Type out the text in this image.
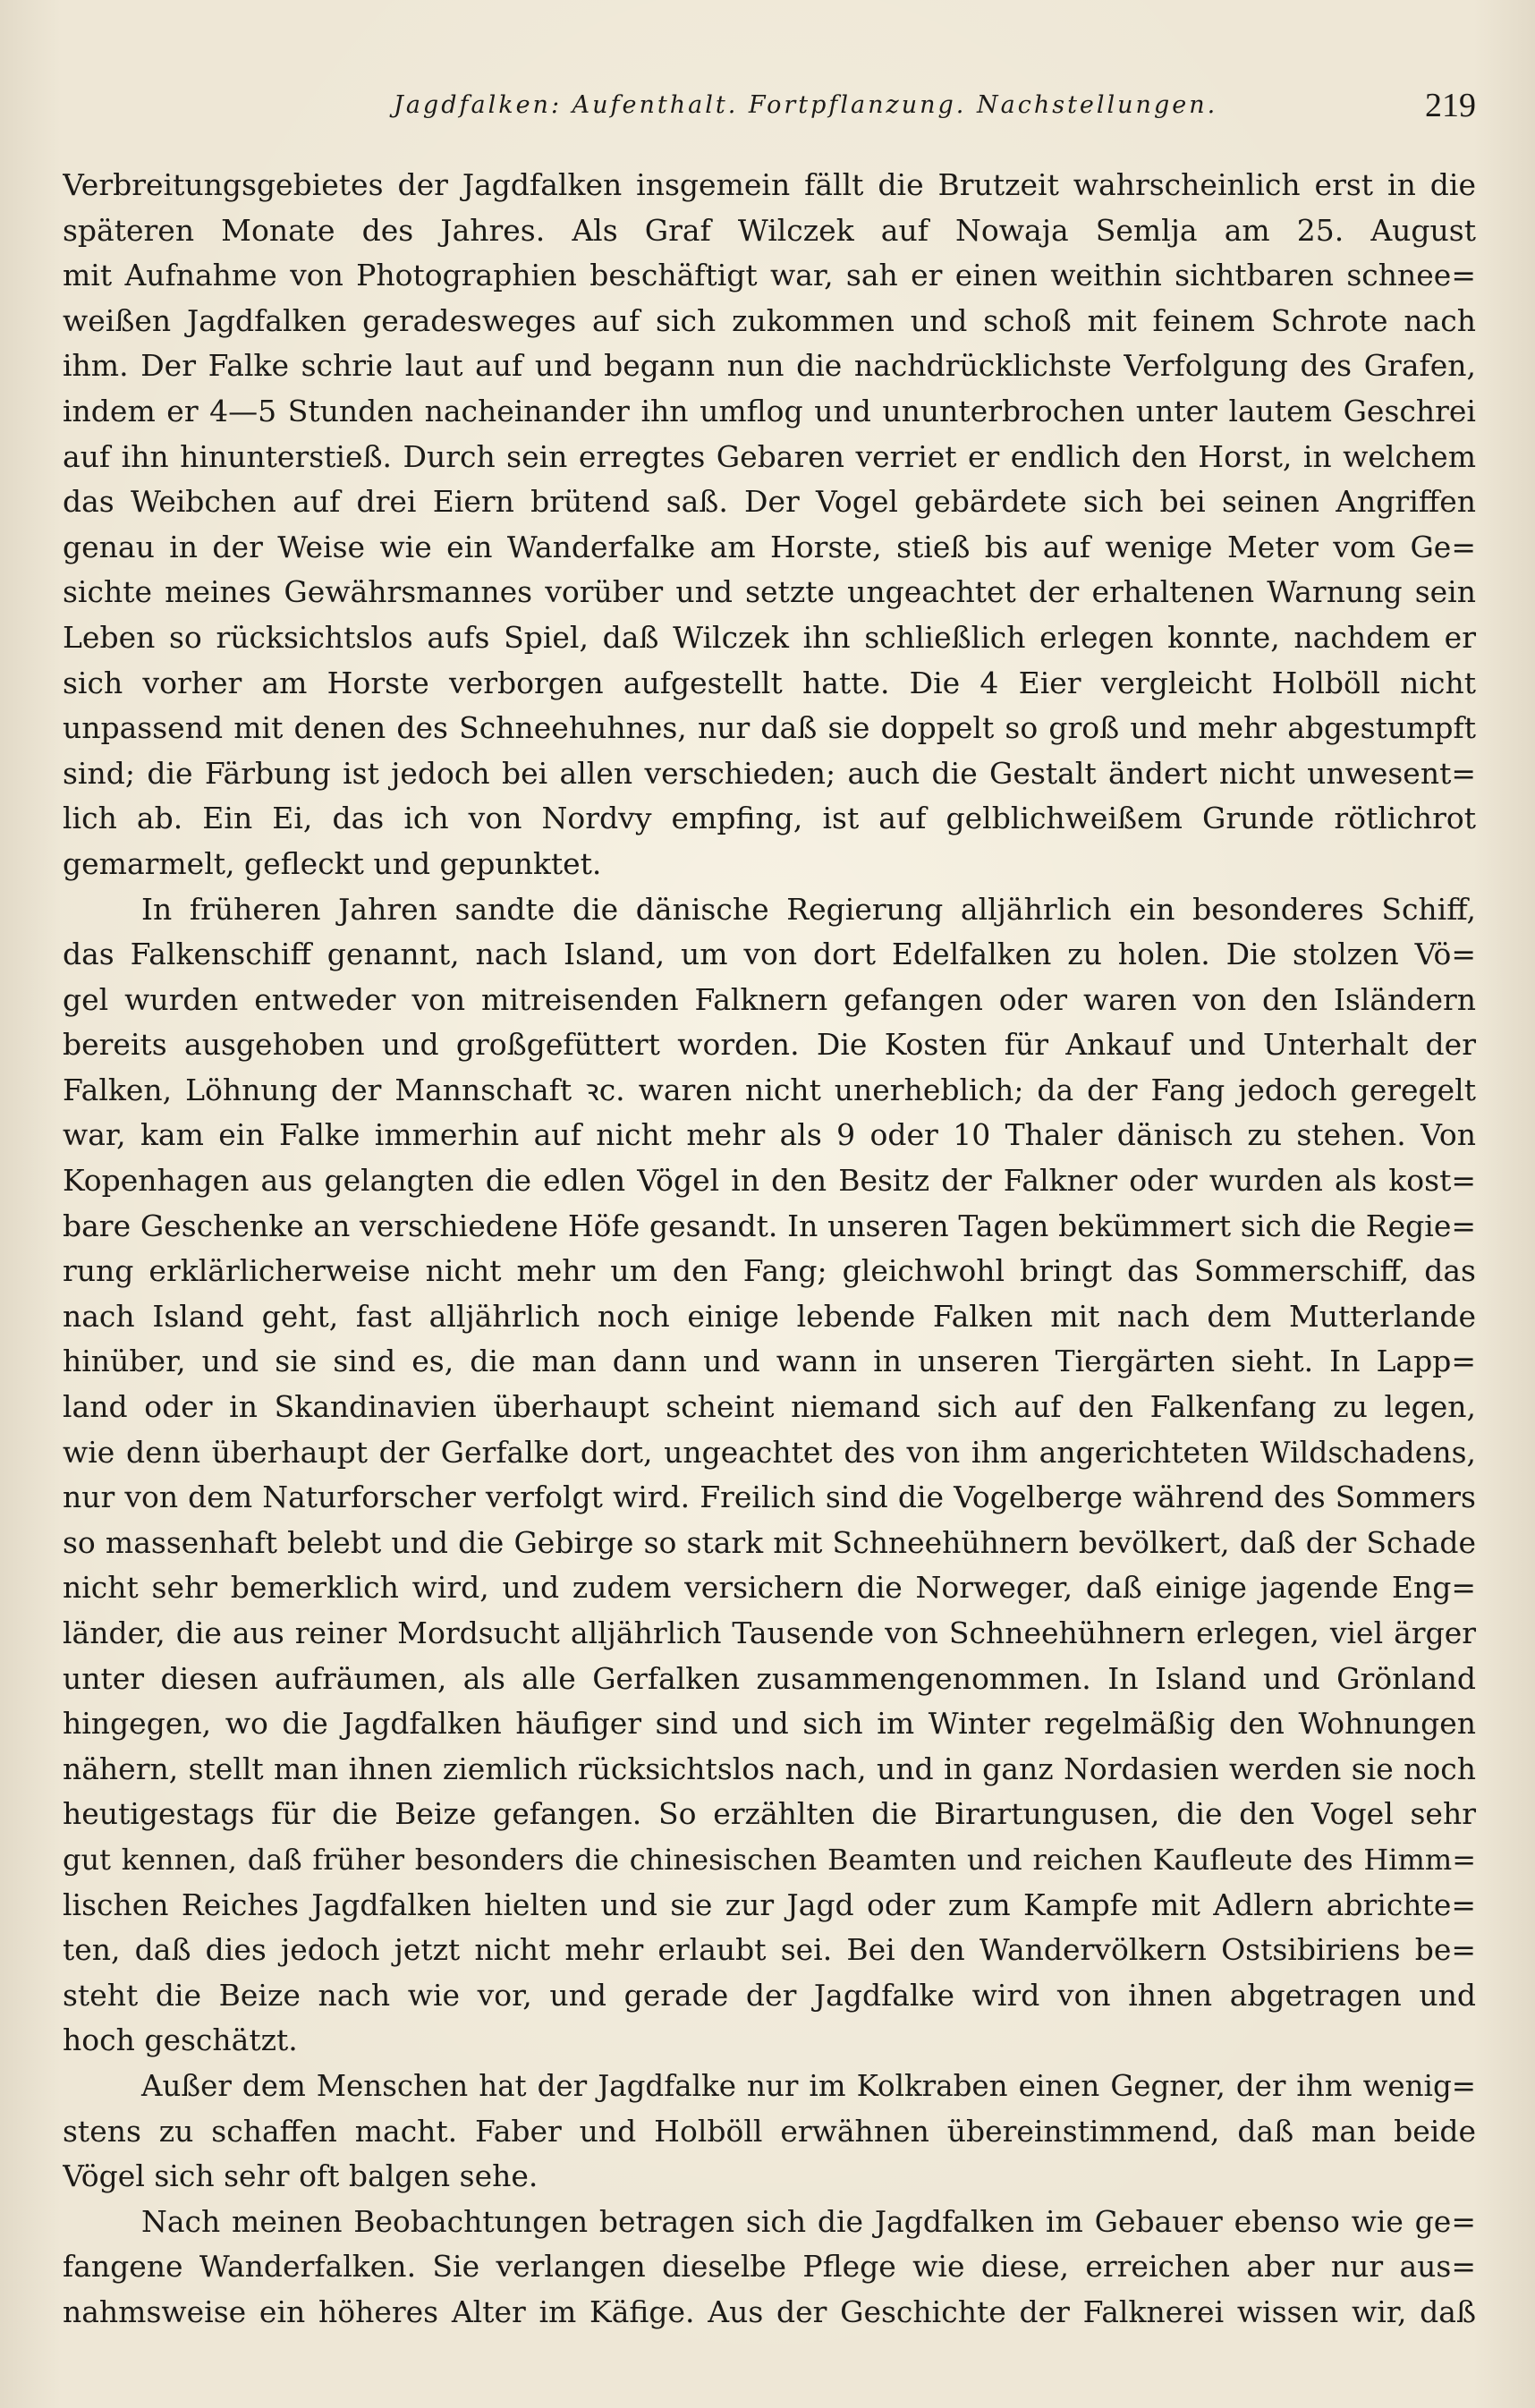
Jagdfalken: Aufenthalt. Fortpflanzung. Nachstellungen.	219
Verbreitungsgebietes der Jagdfalken insgemein fällt die Brutzeit wahrscheinlich erst in die
späteren Monate des Jahres. Als Graf Wilczek auf Nowaja Semlja am 25. August
mit Aufnahme von Photographien beschäftigt war, sah er einen weithin sichtbaren schnee=
weißen Jagdfalken geradesweges auf sich zukommen und schoß mit feinem Schrote nach
ihm. Der Falke schrie laut auf und begann nun die nachdrücklichste Verfolgung des Grafen,
indem er 4—5 Stunden nacheinander ihn umflog und ununterbrochen unter lautem Geschrei
auf ihn hinunterstieß. Durch sein erregtes Gebaren verriet er endlich den Horst, in welchem
das Weibchen auf drei Eiern brütend saß. Der Vogel gebärdete sich bei seinen Angriffen
genau in der Weise wie ein Wanderfalke am Horste, stieß bis auf wenige Meter vom Ge=
sichte meines Gewährsmannes vorüber und setzte ungeachtet der erhaltenen Warnung sein
Leben so rücksichtslos aufs Spiel, daß Wilczek ihn schließlich erlegen konnte, nachdem er
sich vorher am Horste verborgen aufgestellt hatte. Die 4 Eier vergleicht Holböll nicht
unpassend mit denen des Schneehuhnes, nur daß sie doppelt so groß und mehr abgestumpft
sind; die Färbung ist jedoch bei allen verschieden; auch die Gestalt ändert nicht unwesent=
lich ab. Ein Ei, das ich von Nordvy empfing, ist auf gelblichweißem Grunde rötlichrot
gemarmelt, gefleckt und gepunktet.
In früheren Jahren sandte die dänische Regierung alljährlich ein besonderes Schiff,
das Falkenschiff genannt, nach Island, um von dort Edelfalken zu holen. Die stolzen Vö=
gel wurden entweder von mitreisenden Falknern gefangen oder waren von den Isländern
bereits ausgehoben und großgefüttert worden. Die Kosten für Ankauf und Unterhalt der
Falken, Löhnung der Mannschaft ꝛc. waren nicht unerheblich; da der Fang jedoch geregelt
war, kam ein Falke immerhin auf nicht mehr als 9 oder 10 Thaler dänisch zu stehen. Von
Kopenhagen aus gelangten die edlen Vögel in den Besitz der Falkner oder wurden als kost=
bare Geschenke an verschiedene Höfe gesandt. In unseren Tagen bekümmert sich die Regie=
rung erklärlicherweise nicht mehr um den Fang; gleichwohl bringt das Sommerschiff, das
nach Island geht, fast alljährlich noch einige lebende Falken mit nach dem Mutterlande
hinüber, und sie sind es, die man dann und wann in unseren Tiergärten sieht. In Lapp=
land oder in Skandinavien überhaupt scheint niemand sich auf den Falkenfang zu legen,
wie denn überhaupt der Gerfalke dort, ungeachtet des von ihm angerichteten Wildschadens,
nur von dem Naturforscher verfolgt wird. Freilich sind die Vogelberge während des Sommers
so massenhaft belebt und die Gebirge so stark mit Schneehühnern bevölkert, daß der Schade
nicht sehr bemerklich wird, und zudem versichern die Norweger, daß einige jagende Eng=
länder, die aus reiner Mordsucht alljährlich Tausende von Schneehühnern erlegen, viel ärger
unter diesen aufräumen, als alle Gerfalken zusammengenommen. In Island und Grönland
hingegen, wo die Jagdfalken häufiger sind und sich im Winter regelmäßig den Wohnungen
nähern, stellt man ihnen ziemlich rücksichtslos nach, und in ganz Nordasien werden sie noch
heutigestags für die Beize gefangen. So erzählten die Birartungusen, die den Vogel sehr
gut kennen, daß früher besonders die chinesischen Beamten und reichen Kaufleute des Himm=
lischen Reiches Jagdfalken hielten und sie zur Jagd oder zum Kampfe mit Adlern abrichte=
ten, daß dies jedoch jetzt nicht mehr erlaubt sei. Bei den Wandervölkern Ostsibiriens be=
steht die Beize nach wie vor, und gerade der Jagdfalke wird von ihnen abgetragen und
hoch geschätzt.
Außer dem Menschen hat der Jagdfalke nur im Kolkraben einen Gegner, der ihm wenig=
stens zu schaffen macht. Faber und Holböll erwähnen übereinstimmend, daß man beide
Vögel sich sehr oft balgen sehe.
Nach meinen Beobachtungen betragen sich die Jagdfalken im Gebauer ebenso wie ge=
fangene Wanderfalken. Sie verlangen dieselbe Pflege wie diese, erreichen aber nur aus=
nahmsweise ein höheres Alter im Käfige. Aus der Geschichte der Falknerei wissen wir, daß
